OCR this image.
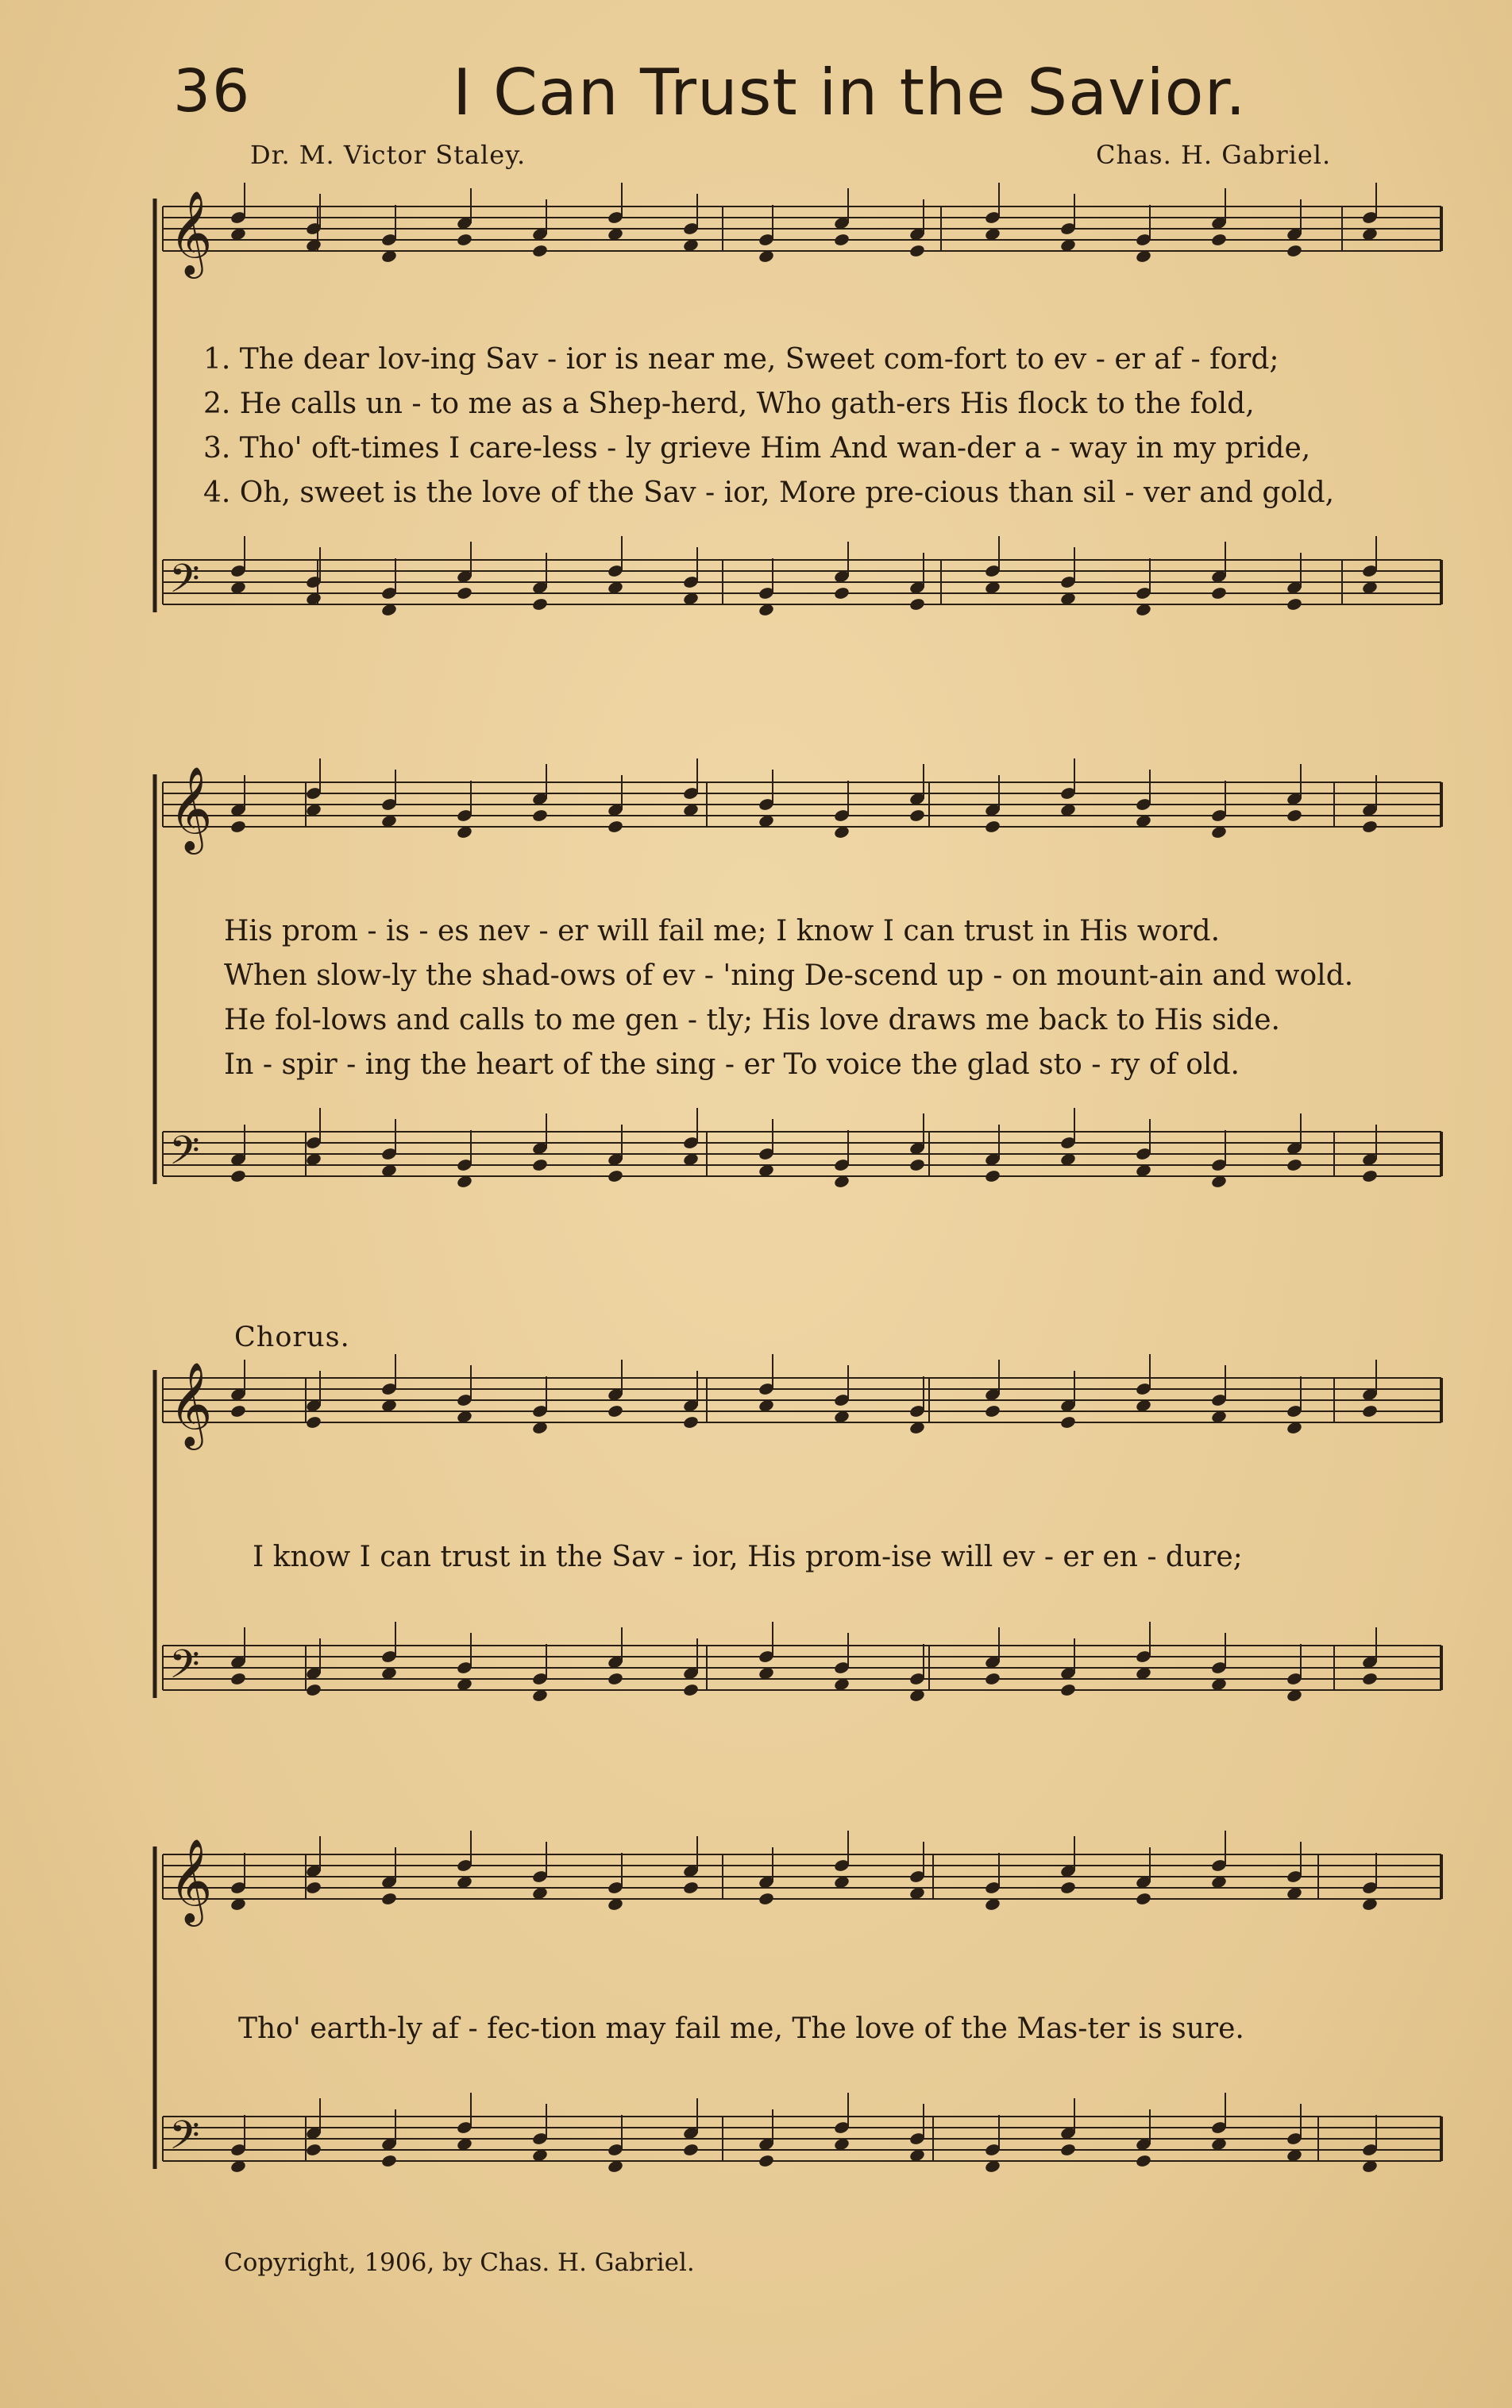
36	I Can Trust in the Savior.
Dr. M. Victor Staley.	Chas. H. Gabriel.
𝄞
𝄢
𝄞
𝄢
𝄞
𝄢
𝄞
𝄢
1. The dear lov-ing Sav - ior is near me, Sweet com-fort to ev - er af - ford;
2. He calls un - to me as a Shep-herd, Who gath-ers His flock to the fold,
3. Tho' oft-times I care-less - ly grieve Him And wan-der a - way in my pride,
4. Oh, sweet is the love of the Sav - ior, More pre-cious than sil - ver and gold,
His prom - is - es nev - er will fail me; I know I can trust in His word.
When slow-ly the shad-ows of ev - 'ning De-scend up - on mount-ain and wold.
He fol-lows and calls to me gen - tly; His love draws me back to His side.
In - spir - ing the heart of the sing - er To voice the glad sto - ry of old.
Chorus.
I know I can trust in the Sav - ior, His prom-ise will ev - er en - dure;
Tho' earth-ly af - fec-tion may fail me, The love of the Mas-ter is sure.
Copyright, 1906, by Chas. H. Gabriel.
